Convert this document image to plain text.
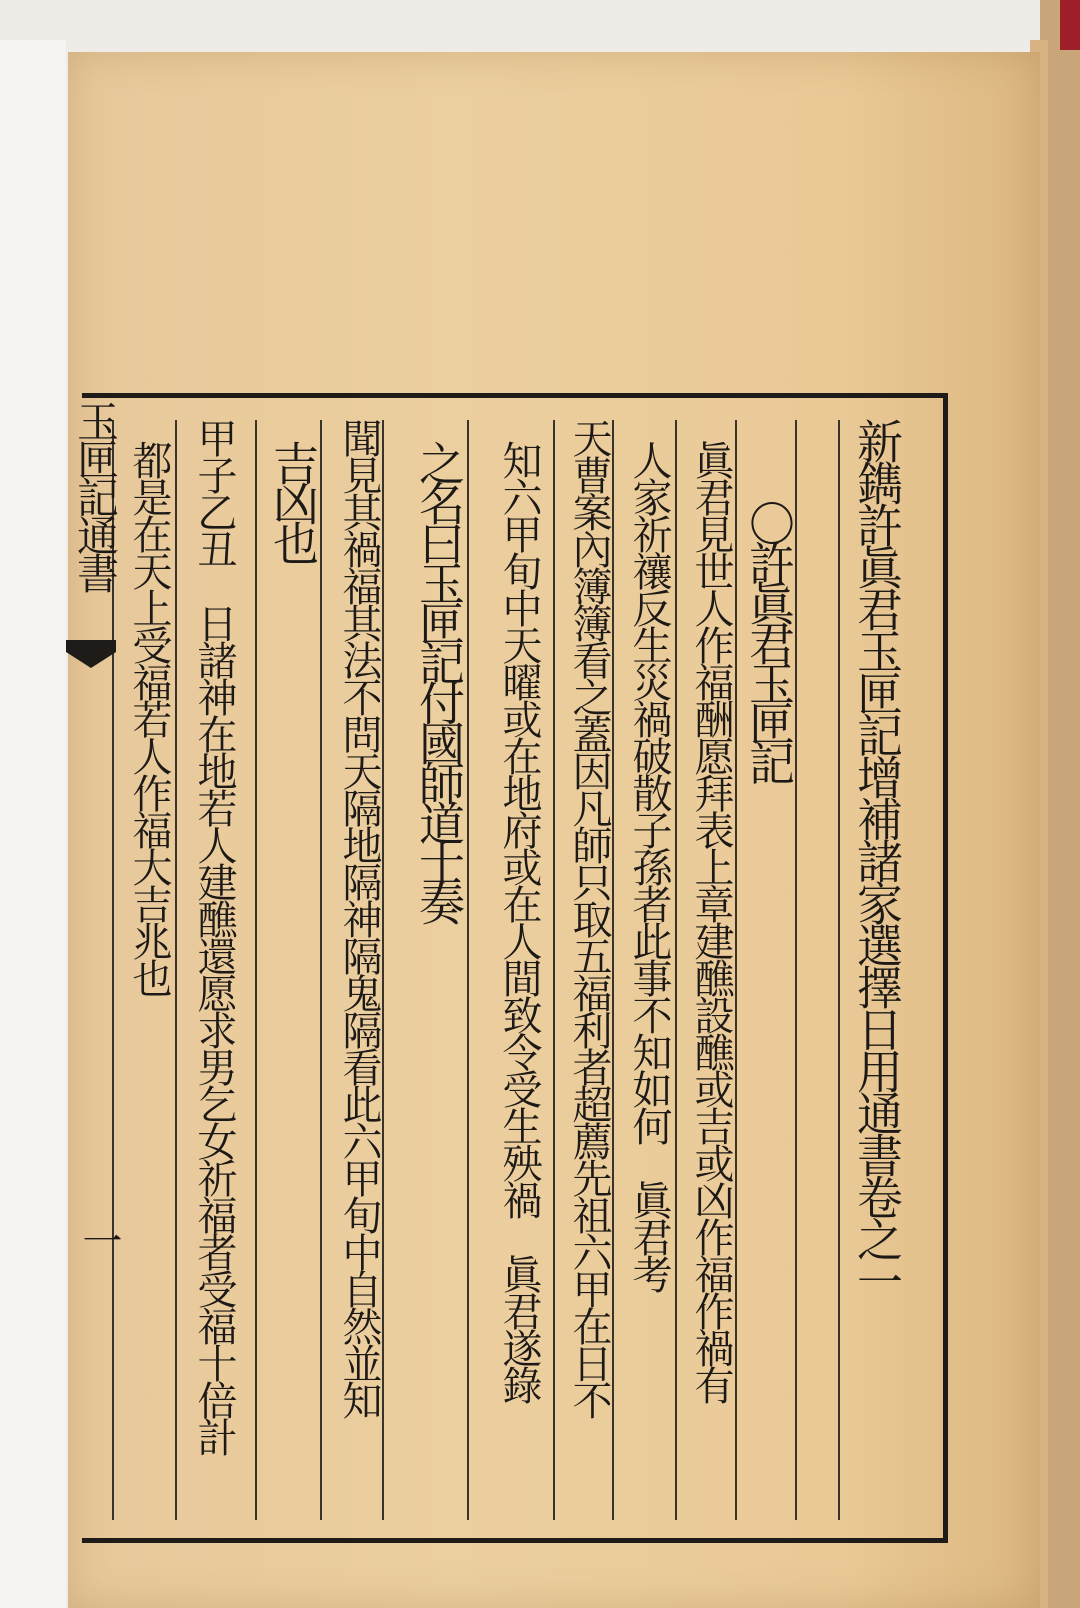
新鐫許眞君玉匣記增補諸家選擇日用通書卷之一
〇許眞君玉匣記
眞君見世人作福酬愿拜表上章建醮設醮或吉或凶作福作禍有
人家祈禳反生災禍破散子孫者此事不知如何　眞君考
天曹案內簿簿看之蓋因凡師只取五福利者超薦先祖六甲在日不
知六甲旬中天曜或在地府或在人間致令受生殃禍　眞君遂錄
之名曰玉匣記付國師道士奏
聞見其禍福其法不問天隔地隔神隔鬼隔看此六甲旬中自然並知
吉凶也
甲子乙丑　日諸神在地若人建醮還愿求男乞女祈福者受福十倍計
都是在天上受福若人作福大吉兆也
玉匣記通書
一
